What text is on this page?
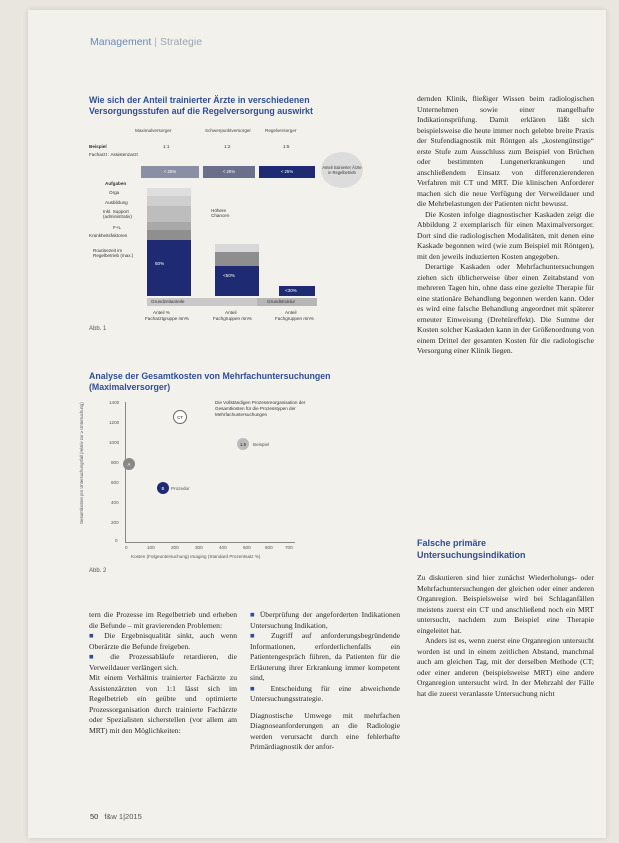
Management | Strategie
Wie sich der Anteil trainierter Ärzte in verschiedenen Versorgungsstufen auf die Regelversorgung auswirkt
Maximalversorger	Schwerpunktversorger	Regelversorger
Beispiel	1:1	1:2	1:5
Facharzt : Assistenzarzt
< 25%	< 25%	< 25%
Anteil trainierter Ärzte in Regelbetrieb
Aufgaben
Orga
Ausbildung
Inkl. Support (administrativ)
F+L
Krankheitsfaktoren
Höhere Chancen
Routinezeit im Regelbetrieb (max.)
50%
<50%
<30%
Grundzeitanteile	Grundstruktur
Anteil %	Anteil	Anteil
Facharztgruppe rsn%	Fachgruppen rsn%	Fachgruppen rsn%
Abb. 1
Analyse der Gesamtkosten von Mehrfachuntersuchungen (Maximalversorger)
Gesamtkosten pro Untersuchungsfall (relativ zur ≥ Untersuchung)	1400
1200
1000
800
600
400
200
0
0	100	200	300	400	500	600	700
Kosten (Folgeuntersuchung) Imaging (Standard Prozentsatz %)
Die Vollständigen Prozessreorganisation der Gesamtkosten für die Prozesstypen der Mehrfachuntersuchungen
CT
1.5 Beispiel
A
B Prozedur
Abb. 2

dernden Klinik, fließiger Wissen beim radiologischen Unternehmen sowie einer mangelhafte Indikationsprüfung. Damit erklären läßt sich beispielsweise die heute immer noch gelebte breite Praxis der Stufendiagnostik mit Röntgen als „kostengünstige“ erste Stufe zum Ausschluss zum Beispiel von Brüchen oder bestimmten Lungenerkrankungen und anschließendem Einsatz von differenzierenderen Verfahren mit CT und MRT. Die klinischen Anforderer machen sich die neue Verfügung der Verweildauer und die Mehrbelastungen der Patienten nicht bewusst.

Die Kosten infolge diagnostischer Kaskaden zeigt die Abbildung 2 exemplarisch für einen Maximalversorger. Dort sind die radiologischen Modalitäten, mit denen eine Kaskade begonnen wird (wie zum Beispiel mit Röntgen), mit den jeweils induzierten Kosten angegeben.

Derartige Kaskaden oder Mehrfachuntersuchungen ziehen sich üblicherweise über einen Zeitabstand von mehreren Tagen hin, ohne dass eine gezielte Therapie für eine stationäre Behandlung begonnen werden kann. Oder es wird eine falsche Behandlung angeordnet mit späterer erneuter Einweisung (Drehtüreffekt). Die Summe der Kosten solcher Kaskaden kann in der Größenordnung von einem Drittel der gesamten Kosten für die radiologische Versorgung einer Klinik liegen.

Falsche primäre Untersuchungsindikation

Zu diskutieren sind hier zunächst Wiederholungs- oder Mehrfachuntersuchungen der gleichen oder einer anderen Organregion. Beispielsweise wird bei Schlaganfällen meistens zuerst ein CT und anschließend noch ein MRT untersucht, nachdem zum Beispiel eine Therapie eingeleitet hat.

Anders ist es, wenn zuerst eine Organregion untersucht worden ist und in einem zeitlichen Abstand, manchmal auch am gleichen Tag, mit der derselben Methode (CT; oder einer anderen (beispielsweise MRT) eine andere Organregion untersucht wird. In der Mehrzahl der Fälle hat die zuerst veranlasste Untersuchung nicht

tern die Prozesse im Regelbetrieb und erheben die Befunde – mit gravierenden Problemen:

■ Die Ergebnisqualität sinkt, auch wenn Oberärzte die Befunde freigeben.

■ die Prozessabläufe retardieren, die Verweildauer verlängert sich.

Mit einem Verhältnis trainierter Fachärzte zu Assistenzärzten von 1:1 lässt sich im Regelbetrieb ein geübte und optimierte Prozessorganisation durch trainierte Fachärzte oder Spezialisten sicherstellen (vor allem am MRT) mit den Möglichkeiten:

■ Überprüfung der angeforderten Indikationen Untersuchung Indikation,

■ Zugriff auf anforderungsbegründende Informationen, erforderlichenfalls ein Patientengespräch führen, da Patienten für die Erläuterung ihrer Erkrankung immer kompetent sind,

■ Entscheidung für eine abweichende Untersuchungsstrategie.

Diagnostische Umwege mit mehrfachen Diagnoseanforderungen an die Radiologie werden verursacht durch eine fehlerhafte Primärdiagnostik der anfor-

50 f&w 1|2015
